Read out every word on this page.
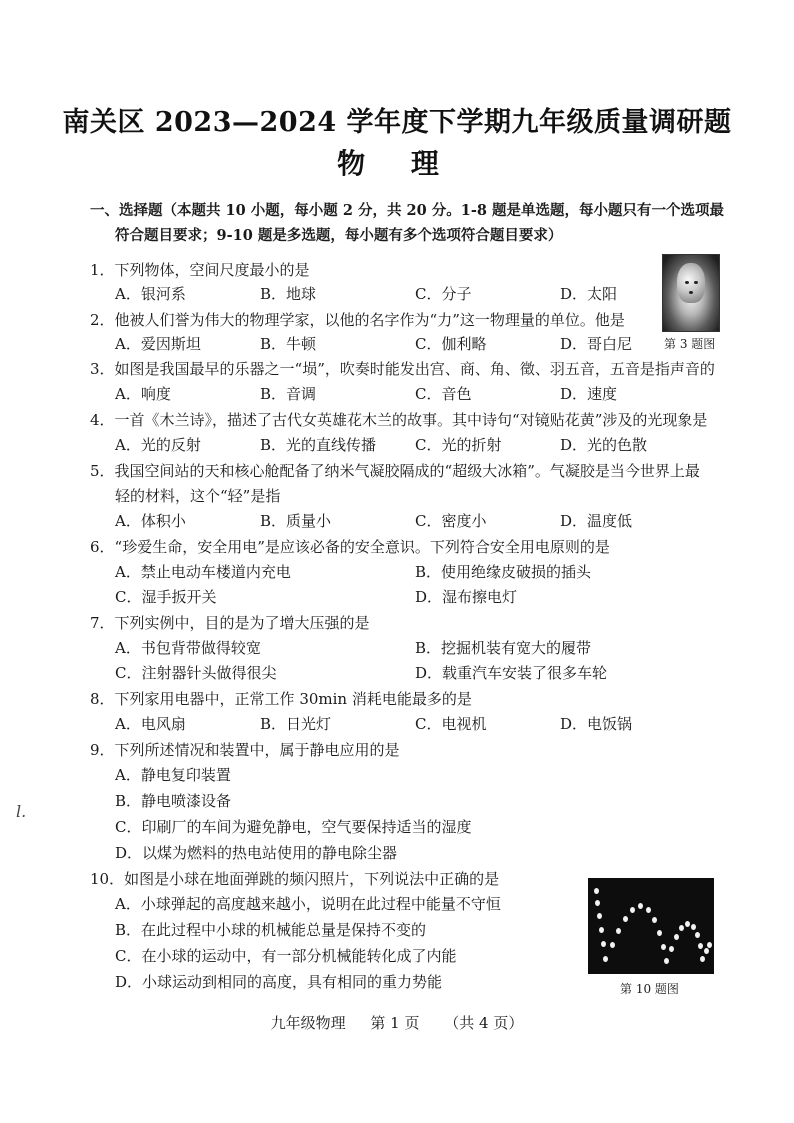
南关区 2023—2024 学年度下学期九年级质量调研题
物 理
一、选择题（本题共 10 小题，每小题 2 分，共 20 分。1-8 题是单选题，每小题只有一个选项最
符合题目要求；9-10 题是多选题，每小题有多个选项符合题目要求）
1．下列物体，空间尺度最小的是
A．银河系	B．地球	C．分子	D．太阳
第 3 题图
2．他被人们誉为伟大的物理学家，以他的名字作为“力”这一物理量的单位。他是
A．爱因斯坦	B．牛顿	C．伽利略	D．哥白尼
3．如图是我国最早的乐器之一“埙”，吹奏时能发出宫、商、角、徵、羽五音，五音是指声音的
A．响度	B．音调	C．音色	D．速度
4．一首《木兰诗》，描述了古代女英雄花木兰的故事。其中诗句“对镜贴花黄”涉及的光现象是
A．光的反射	B．光的直线传播	C．光的折射	D．光的色散
5．我国空间站的天和核心舱配备了纳米气凝胶隔成的“超级大冰箱”。气凝胶是当今世界上最
轻的材料，这个“轻”是指
A．体积小	B．质量小	C．密度小	D．温度低
6．“珍爱生命，安全用电”是应该必备的安全意识。下列符合安全用电原则的是
A．禁止电动车楼道内充电	B．使用绝缘皮破损的插头
C．湿手扳开关	D．湿布擦电灯
7．下列实例中，目的是为了增大压强的是
A．书包背带做得较宽	B．挖掘机装有宽大的履带
C．注射器针头做得很尖	D．载重汽车安装了很多车轮
8．下列家用电器中，正常工作 30min 消耗电能最多的是
A．电风扇	B．日光灯	C．电视机	D．电饭锅
9．下列所述情况和装置中，属于静电应用的是
A．静电复印装置
B．静电喷漆设备
C．印刷厂的车间为避免静电，空气要保持适当的湿度
D．以煤为燃料的热电站使用的静电除尘器
l.
10．如图是小球在地面弹跳的频闪照片，下列说法中正确的是
A．小球弹起的高度越来越小，说明在此过程中能量不守恒
B．在此过程中小球的机械能总量是保持不变的
C．在小球的运动中，有一部分机械能转化成了内能
D．小球运动到相同的高度，具有相同的重力势能	第 10 题图
九年级物理 第 1 页 （共 4 页）
